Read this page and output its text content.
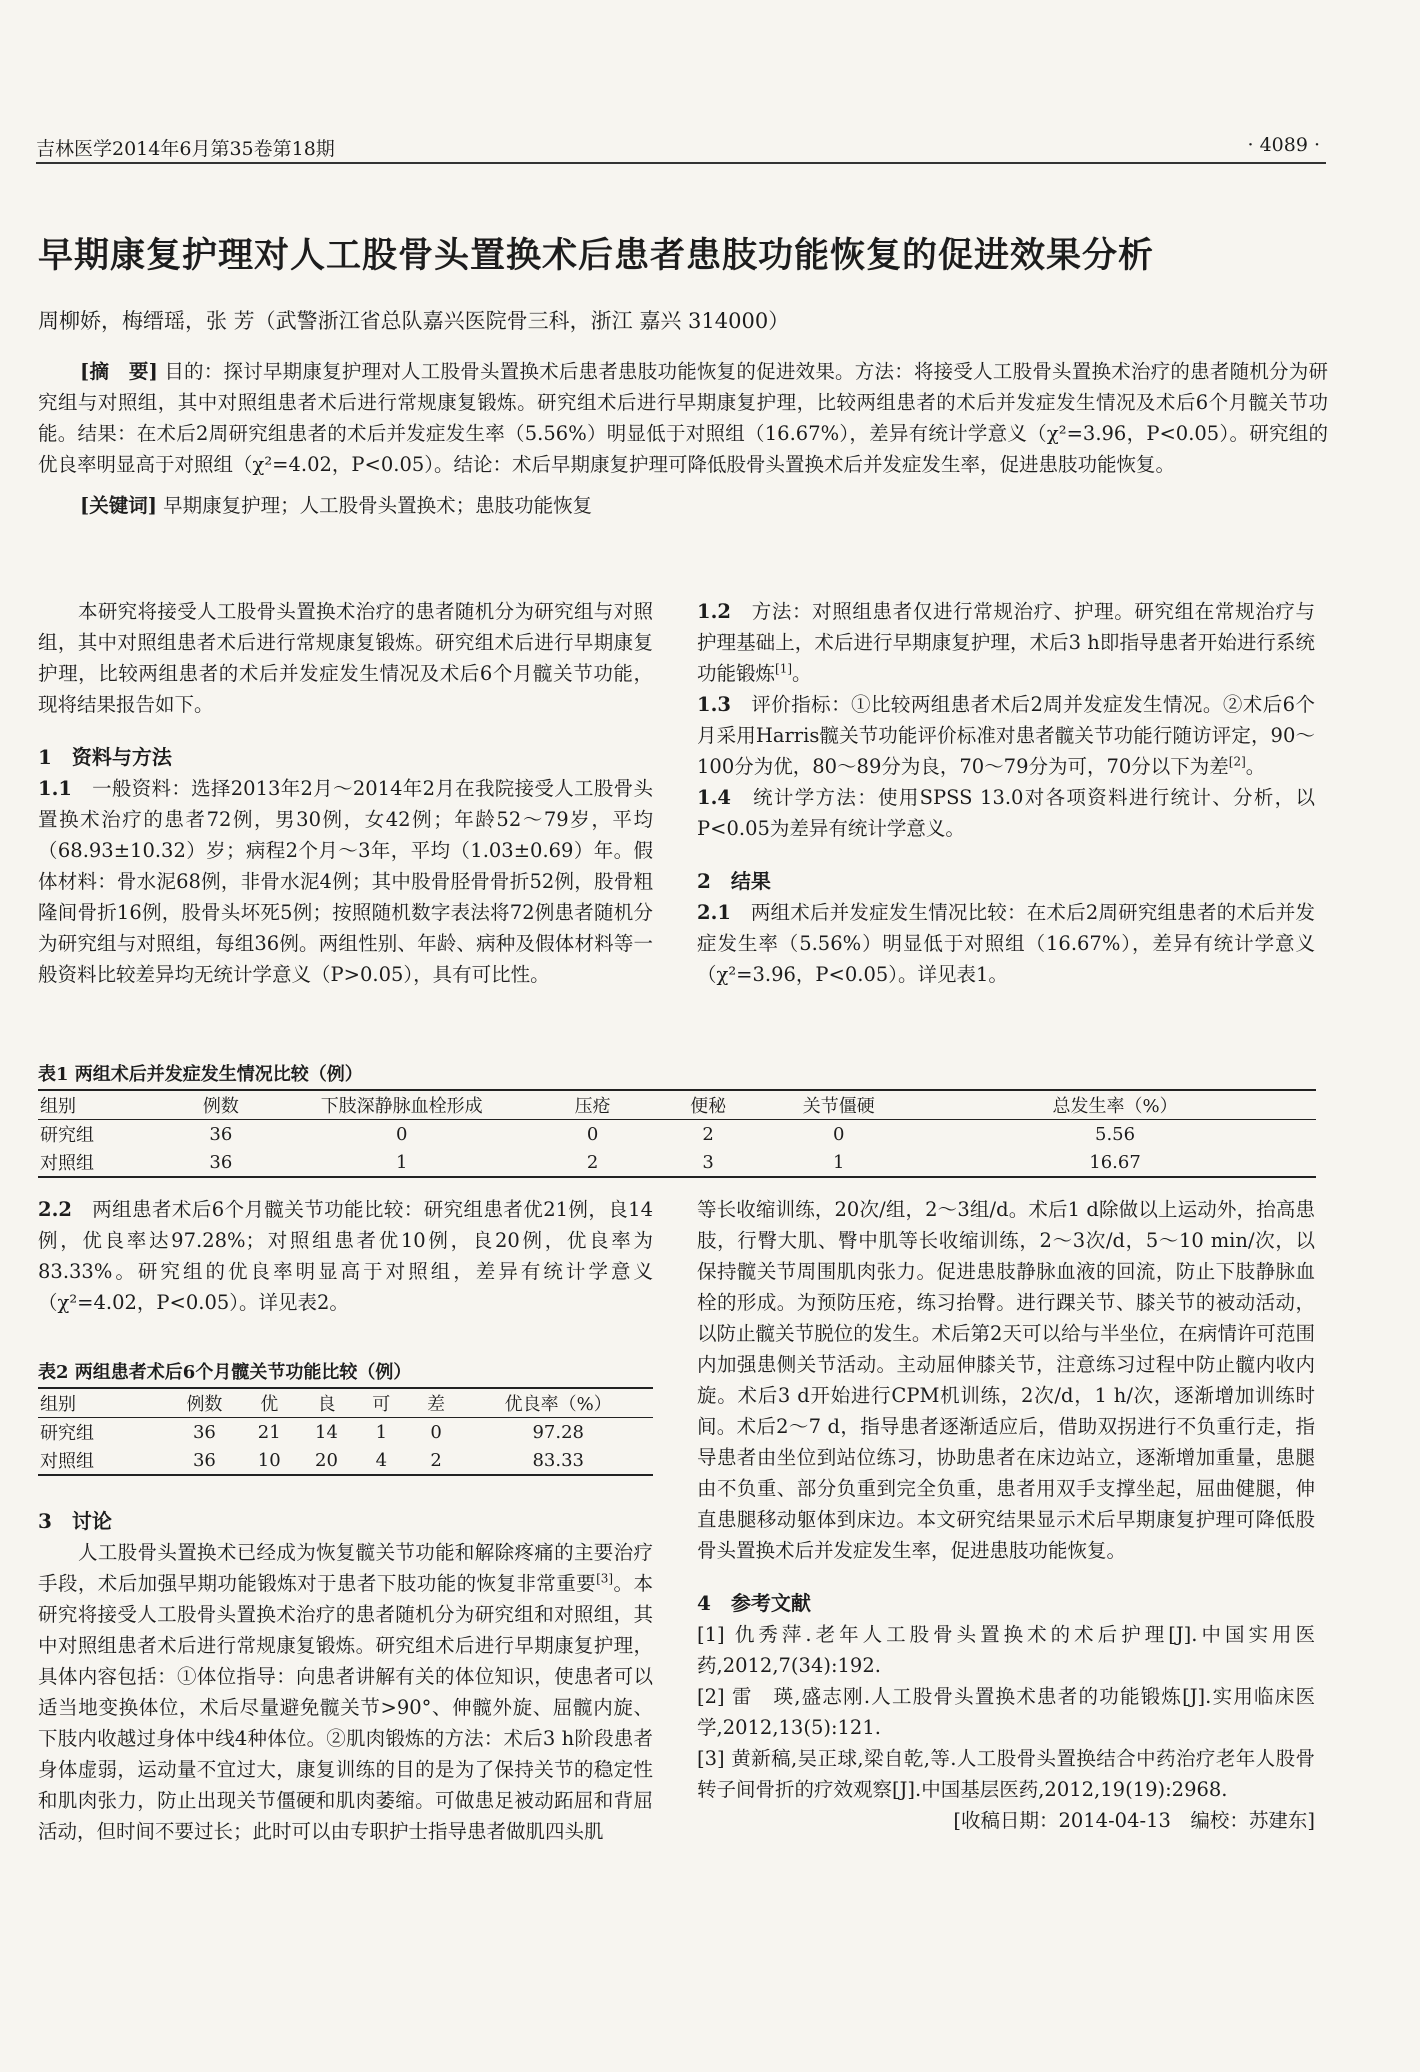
吉林医学2014年6月第35卷第18期	· 4089 ·
早期康复护理对人工股骨头置换术后患者患肢功能恢复的促进效果分析
周柳娇，梅缙瑶，张 芳（武警浙江省总队嘉兴医院骨三科，浙江 嘉兴 314000）

[摘　要] 目的：探讨早期康复护理对人工股骨头置换术后患者患肢功能恢复的促进效果。方法：将接受人工股骨头置换术治疗的患者随机分为研究组与对照组，其中对照组患者术后进行常规康复锻炼。研究组术后进行早期康复护理，比较两组患者的术后并发症发生情况及术后6个月髋关节功能。结果：在术后2周研究组患者的术后并发症发生率（5.56%）明显低于对照组（16.67%），差异有统计学意义（χ²=3.96，P<0.05）。研究组的优良率明显高于对照组（χ²=4.02，P<0.05）。结论：术后早期康复护理可降低股骨头置换术后并发症发生率，促进患肢功能恢复。

[关键词] 早期康复护理；人工股骨头置换术；患肢功能恢复

本研究将接受人工股骨头置换术治疗的患者随机分为研究组与对照组，其中对照组患者术后进行常规康复锻炼。研究组术后进行早期康复护理，比较两组患者的术后并发症发生情况及术后6个月髋关节功能，现将结果报告如下。

1　资料与方法

1.1　一般资料：选择2013年2月～2014年2月在我院接受人工股骨头置换术治疗的患者72例，男30例，女42例；年龄52～79岁，平均（68.93±10.32）岁；病程2个月～3年，平均（1.03±0.69）年。假体材料：骨水泥68例，非骨水泥4例；其中股骨胫骨骨折52例，股骨粗隆间骨折16例，股骨头坏死5例；按照随机数字表法将72例患者随机分为研究组与对照组，每组36例。两组性别、年龄、病种及假体材料等一般资料比较差异均无统计学意义（P>0.05），具有可比性。

1.2　方法：对照组患者仅进行常规治疗、护理。研究组在常规治疗与护理基础上，术后进行早期康复护理，术后3 h即指导患者开始进行系统功能锻炼[1]。

1.3　评价指标：①比较两组患者术后2周并发症发生情况。②术后6个月采用Harris髋关节功能评价标准对患者髋关节功能行随访评定，90～100分为优，80～89分为良，70～79分为可，70分以下为差[2]。

1.4　统计学方法：使用SPSS 13.0对各项资料进行统计、分析，以P<0.05为差异有统计学意义。

2　结果

2.1　两组术后并发症发生情况比较：在术后2周研究组患者的术后并发症发生率（5.56%）明显低于对照组（16.67%），差异有统计学意义（χ²=3.96，P<0.05）。详见表1。

表1 两组术后并发症发生情况比较（例）
组别	例数	下肢深静脉血栓形成	压疮	便秘	关节僵硬	总发生率（%）
研究组	36	0	0	2	0	5.56
对照组	36	1	2	3	1	16.67

2.2　两组患者术后6个月髋关节功能比较：研究组患者优21例，良14例，优良率达97.28%；对照组患者优10例，良20例，优良率为83.33%。研究组的优良率明显高于对照组，差异有统计学意义（χ²=4.02，P<0.05）。详见表2。

表2 两组患者术后6个月髋关节功能比较（例）
组别	例数	优	良	可	差	优良率（%）
研究组	36	21	14	1	0	97.28
对照组	36	10	20	4	2	83.33
3　讨论

人工股骨头置换术已经成为恢复髋关节功能和解除疼痛的主要治疗手段，术后加强早期功能锻炼对于患者下肢功能的恢复非常重要[3]。本研究将接受人工股骨头置换术治疗的患者随机分为研究组和对照组，其中对照组患者术后进行常规康复锻炼。研究组术后进行早期康复护理，具体内容包括：①体位指导：向患者讲解有关的体位知识，使患者可以适当地变换体位，术后尽量避免髋关节>90°、伸髋外旋、屈髋内旋、下肢内收越过身体中线4种体位。②肌肉锻炼的方法：术后3 h阶段患者身体虚弱，运动量不宜过大，康复训练的目的是为了保持关节的稳定性和肌肉张力，防止出现关节僵硬和肌肉萎缩。可做患足被动跖屈和背屈活动，但时间不要过长；此时可以由专职护士指导患者做肌四头肌

等长收缩训练，20次/组，2～3组/d。术后1 d除做以上运动外，抬高患肢，行臀大肌、臀中肌等长收缩训练，2～3次/d，5～10 min/次，以保持髋关节周围肌肉张力。促进患肢静脉血液的回流，防止下肢静脉血栓的形成。为预防压疮，练习抬臀。进行踝关节、膝关节的被动活动，以防止髋关节脱位的发生。术后第2天可以给与半坐位，在病情许可范围内加强患侧关节活动。主动屈伸膝关节，注意练习过程中防止髋内收内旋。术后3 d开始进行CPM机训练，2次/d，1 h/次，逐渐增加训练时间。术后2～7 d，指导患者逐渐适应后，借助双拐进行不负重行走，指导患者由坐位到站位练习，协助患者在床边站立，逐渐增加重量，患腿由不负重、部分负重到完全负重，患者用双手支撑坐起，屈曲健腿，伸直患腿移动躯体到床边。本文研究结果显示术后早期康复护理可降低股骨头置换术后并发症发生率，促进患肢功能恢复。

4　参考文献

[1] 仇秀萍.老年人工股骨头置换术的术后护理[J].中国实用医药,2012,7(34):192.

[2] 雷　瑛,盛志刚.人工股骨头置换术患者的功能锻炼[J].实用临床医学,2012,13(5):121.

[3] 黄新稿,吴正球,梁自乾,等.人工股骨头置换结合中药治疗老年人股骨转子间骨折的疗效观察[J].中国基层医药,2012,19(19):2968.

[收稿日期：2014-04-13　编校：苏建东]
